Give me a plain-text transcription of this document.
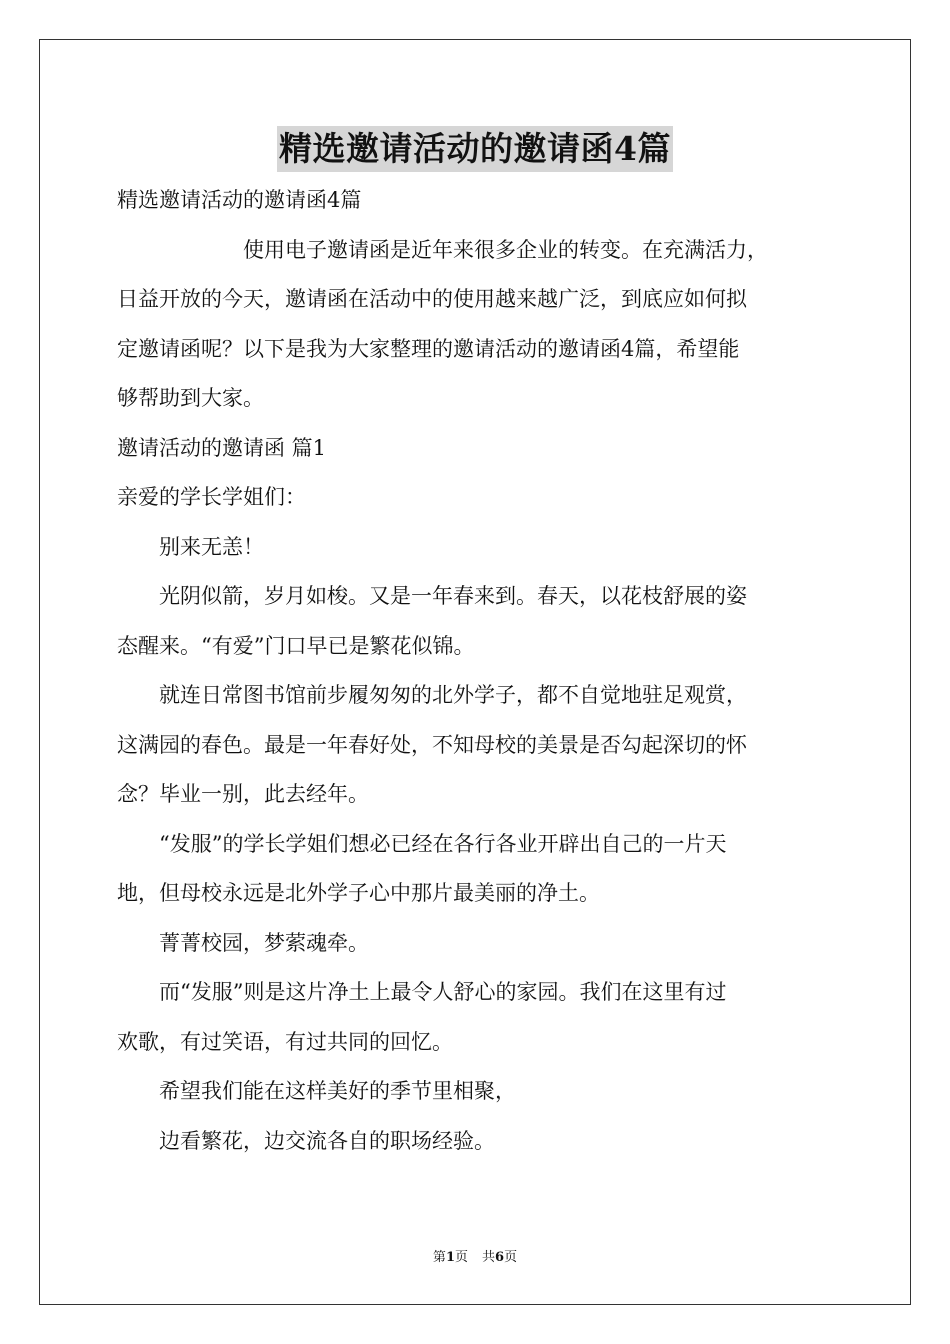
精选邀请活动的邀请函4篇

精选邀请活动的邀请函4篇

　　　　　　使用电子邀请函是近年来很多企业的转变。在充满活力，

日益开放的今天，邀请函在活动中的使用越来越广泛，到底应如何拟

定邀请函呢？以下是我为大家整理的邀请活动的邀请函4篇，希望能

够帮助到大家。

邀请活动的邀请函 篇1

亲爱的学长学姐们：

　　别来无恙！

　　光阴似箭，岁月如梭。又是一年春来到。春天，以花枝舒展的姿

态醒来。“有爱”门口早已是繁花似锦。

　　就连日常图书馆前步履匆匆的北外学子，都不自觉地驻足观赏，

这满园的春色。最是一年春好处，不知母校的美景是否勾起深切的怀

念？毕业一别，此去经年。

　　“发服”的学长学姐们想必已经在各行各业开辟出自己的一片天

地，但母校永远是北外学子心中那片最美丽的净土。

　　菁菁校园，梦萦魂牵。

　　而“发服”则是这片净土上最令人舒心的家园。我们在这里有过

欢歌，有过笑语，有过共同的回忆。

　　希望我们能在这样美好的季节里相聚，

　　边看繁花，边交流各自的职场经验。

第1页 共6页
